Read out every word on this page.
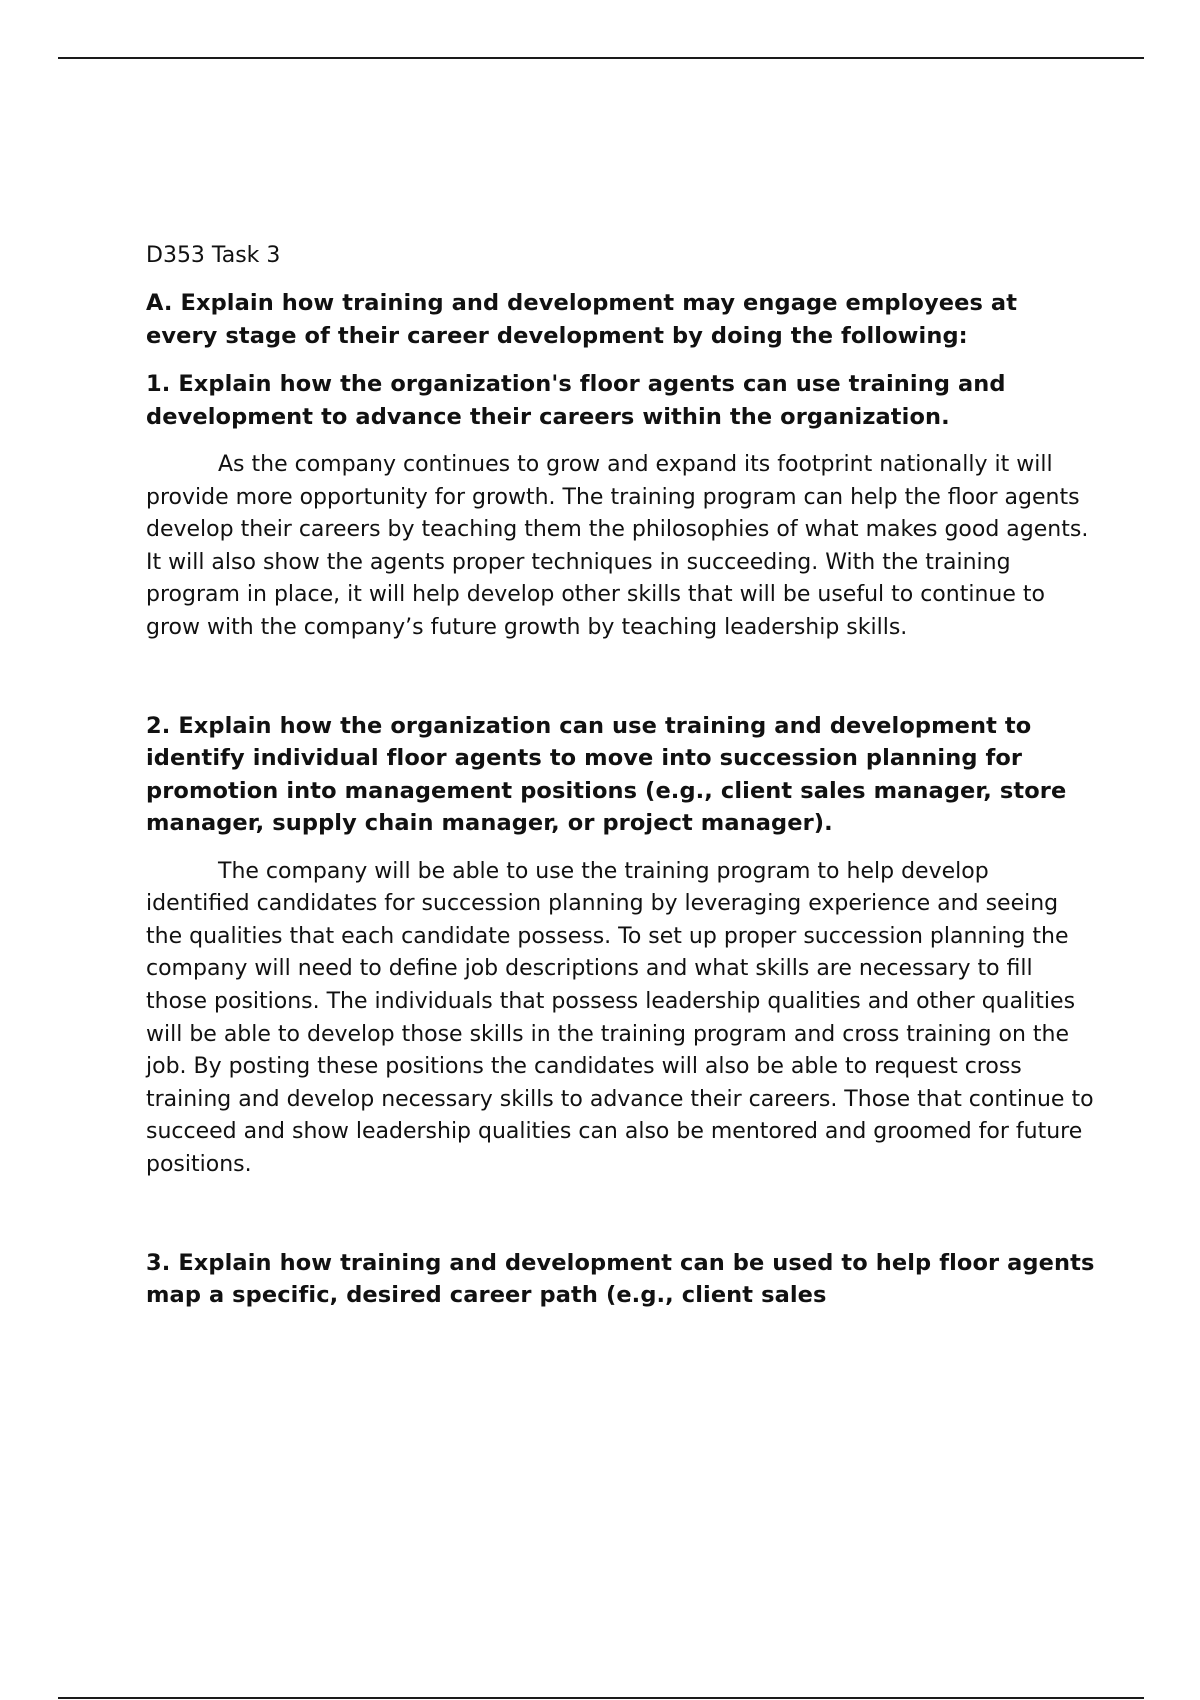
D353 Task 3

A. Explain how training and development may engage employees at every stage of their career development by doing the following:

1. Explain how the organization's floor agents can use training and development to advance their careers within the organization.

As the company continues to grow and expand its footprint nationally it will provide more opportunity for growth. The training program can help the floor agents develop their careers by teaching them the philosophies of what makes good agents. It will also show the agents proper techniques in succeeding. With the training program in place, it will help develop other skills that will be useful to continue to grow with the company’s future growth by teaching leadership skills.

2. Explain how the organization can use training and development to identify individual floor agents to move into succession planning for promotion into management positions (e.g., client sales manager, store manager, supply chain manager, or project manager).

The company will be able to use the training program to help develop identified candidates for succession planning by leveraging experience and seeing the qualities that each candidate possess. To set up proper succession planning the company will need to define job descriptions and what skills are necessary to fill those positions. The individuals that possess leadership qualities and other qualities will be able to develop those skills in the training program and cross training on the job. By posting these positions the candidates will also be able to request cross training and develop necessary skills to advance their careers. Those that continue to succeed and show leadership qualities can also be mentored and groomed for future positions.

3. Explain how training and development can be used to help floor agents map a specific, desired career path (e.g., client sales
